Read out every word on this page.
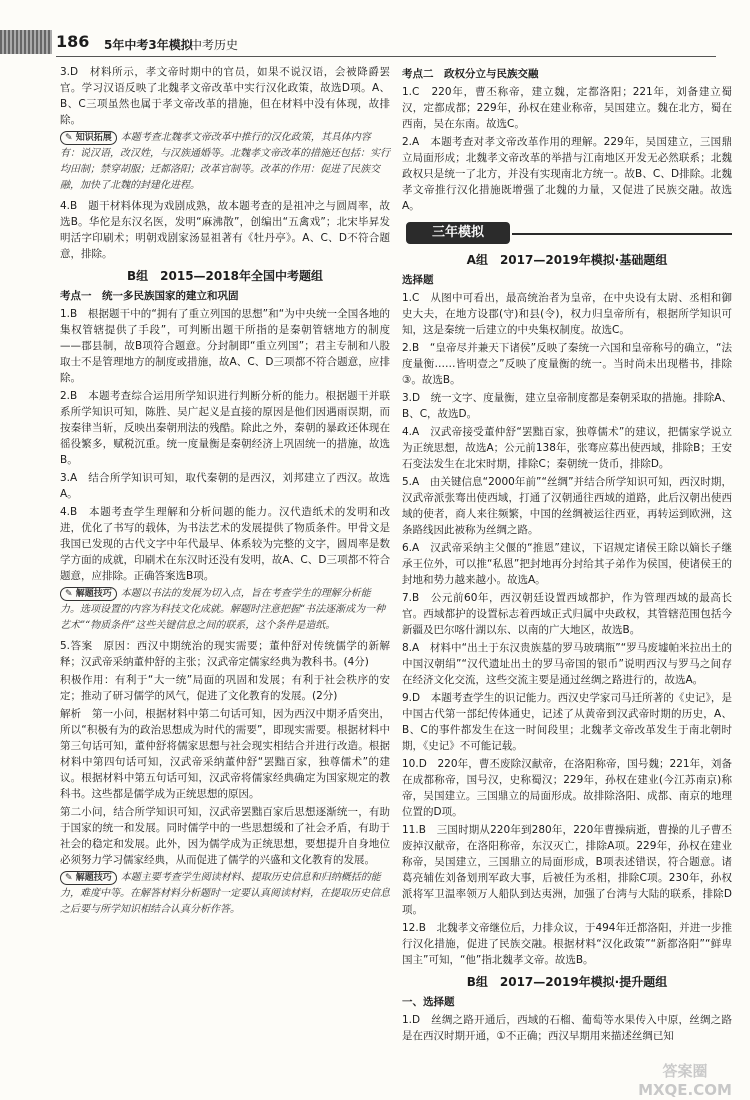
186 5年中考3年模拟
中考历史

3.D　材料所示，孝文帝时期中的官员，如果不说汉语，会被降爵罢官。学习汉语反映了北魏孝文帝改革中实行汉化政策，故选D项。A、B、C三项虽然也属于孝文帝改革的措施，但在材料中没有体现，故排除。

✎ 知识拓展 本题考查北魏孝文帝改革中推行的汉化政策，其具体内容有：说汉语，改汉姓，与汉族通婚等。北魏孝文帝改革的措施还包括：实行均田制；禁穿胡服；迁都洛阳；改革官制等。改革的作用：促进了民族交融，加快了北魏的封建化进程。

4.B　题干材料体现为戏剧成熟，故本题考查的是祖冲之与圆周率，故选B。华佗是东汉名医，发明“麻沸散”，创编出“五禽戏”；北宋毕昇发明活字印刷术；明朝戏剧家汤显祖著有《牡丹亭》。A、C、D不符合题意，排除。

B组　2015—2018年全国中考题组
考点一　统一多民族国家的建立和巩固

1.B　根据题干中的“拥有了重立列国的思想”和“为中央统一全国各地的集权管辖提供了手段”，可判断出题干所指的是秦朝管辖地方的制度——郡县制，故B项符合题意。分封制即“重立列国”；君主专制和八股取士不是管理地方的制度或措施，故A、C、D三项都不符合题意，应排除。

2.B　本题考查综合运用所学知识进行判断分析的能力。根据题干并联系所学知识可知，陈胜、吴广起义是直接的原因是他们因遇雨误期，而按秦律当斩，反映出秦朝刑法的残酷。除此之外，秦朝的暴政还体现在徭役繁多，赋税沉重。统一度量衡是秦朝经济上巩固统一的措施，故选B。

3.A　结合所学知识可知，取代秦朝的是西汉，刘邦建立了西汉。故选A。

4.B　本题考查学生理解和分析问题的能力。汉代造纸术的发明和改进，优化了书写的载体，为书法艺术的发展提供了物质条件。甲骨文是我国已发现的古代文字中年代最早、体系较为完整的文字，圆周率是数学方面的成就，印刷术在东汉时还没有发明，故A、C、D三项都不符合题意，应排除。正确答案选B项。

✎ 解题技巧 本题以书法的发展为切入点，旨在考查学生的理解分析能力。选项设置的内容为科技文化成就。解题时注意把握“书法逐渐成为一种艺术”“物质条件”这些关键信息之间的联系，这个条件是造纸。

5.答案　原因：西汉中期统治的现实需要；董仲舒对传统儒学的新解释；汉武帝采纳董仲舒的主张；汉武帝定儒家经典为教科书。(4分)

积极作用：有利于“大一统”局面的巩固和发展；有利于社会秩序的安定；推动了研习儒学的风气，促进了文化教育的发展。(2分)

解析　第一小问，根据材料中第二句话可知，因为西汉中期矛盾突出，所以“积极有为的政治思想成为时代的需要”，即现实需要。根据材料中第三句话可知，董仲舒将儒家思想与社会现实相结合并进行改造。根据材料中第四句话可知，汉武帝采纳董仲舒“罢黜百家，独尊儒术”的建议。根据材料中第五句话可知，汉武帝将儒家经典确定为国家规定的教科书。这些都是儒学成为正统思想的原因。

第二小问，结合所学知识可知，汉武帝罢黜百家后思想逐渐统一，有助于国家的统一和发展。同时儒学中的一些思想缓和了社会矛盾，有助于社会的稳定和发展。此外，因为儒学成为正统思想，要想提升自身地位必须努力学习儒家经典，从而促进了儒学的兴盛和文化教育的发展。

✎ 解题技巧 本题主要考查学生阅读材料、提取历史信息和归纳概括的能力，难度中等。在解答材料分析题时一定要认真阅读材料，在提取历史信息之后要与所学知识相结合认真分析作答。
考点二　政权分立与民族交融

1.C　220年，曹丕称帝，建立魏，定都洛阳；221年，刘备建立蜀汉，定都成都；229年，孙权在建业称帝，吴国建立。魏在北方，蜀在西南，吴在东南。故选C。

2.A　本题考查对孝文帝改革作用的理解。229年，吴国建立，三国鼎立局面形成；北魏孝文帝改革的举措与江南地区开发无必然联系；北魏政权只是统一了北方，并没有实现南北方统一。故B、C、D排除。北魏孝文帝推行汉化措施既增强了北魏的力量，又促进了民族交融。故选A。

三年模拟
A组　2017—2019年模拟·基础题组
选择题

1.C　从图中可看出，最高统治者为皇帝，在中央设有太尉、丞相和御史大夫，在地方设郡(守)和县(令)，权力归皇帝所有，根据所学知识可知，这是秦统一后建立的中央集权制度。故选C。

2.B　“皇帝尽并兼天下诸侯”反映了秦统一六国和皇帝称号的确立，“法度量衡……皆明壹之”反映了度量衡的统一。当时尚未出现楷书，排除③。故选B。

3.D　统一文字、度量衡，建立皇帝制度都是秦朝采取的措施。排除A、B、C，故选D。

4.A　汉武帝接受董仲舒“罢黜百家，独尊儒术”的建议，把儒家学说立为正统思想，故选A；公元前138年，张骞应募出使西域，排除B；王安石变法发生在北宋时期，排除C；秦朝统一货币，排除D。

5.A　由关键信息“2000年前”“丝绸”并结合所学知识可知，西汉时期，汉武帝派张骞出使西域，打通了汉朝通往西域的道路，此后汉朝出使西域的使者，商人来往频繁，中国的丝绸被运往西亚，再转运到欧洲，这条路线因此被称为丝绸之路。

6.A　汉武帝采纳主父偃的“推恩”建议，下诏规定诸侯王除以嫡长子继承王位外，可以推“私恩”把封地再分封给其子弟作为侯国，使诸侯王的封地和势力越来越小。故选A。

7.B　公元前60年，西汉朝廷设置西域都护，作为管理西域的最高长官。西域都护的设置标志着西域正式归属中央政权，其管辖范围包括今新疆及巴尔喀什湖以东、以南的广大地区，故选B。

8.A　材料中“出土于东汉贵族墓的罗马玻璃瓶”“罗马废墟帕米拉出土的中国汉朝绢”“汉代遗址出土的罗马帝国的银币”说明西汉与罗马之间存在经济文化交流，这些交流主要是通过丝绸之路进行的，故选A。

9.D　本题考查学生的识记能力。西汉史学家司马迁所著的《史记》，是中国古代第一部纪传体通史，记述了从黄帝到汉武帝时期的历史，A、B、C的事件都发生在这一时间段里；北魏孝文帝改革发生于南北朝时期，《史记》不可能记载。

10.D　220年，曹丕废除汉献帝，在洛阳称帝，国号魏；221年，刘备在成都称帝，国号汉，史称蜀汉；229年，孙权在建业(今江苏南京)称帝，吴国建立。三国鼎立的局面形成。故排除洛阳、成都、南京的地理位置的D项。

11.B　三国时期从220年到280年，220年曹操病逝，曹操的儿子曹丕废掉汉献帝，在洛阳称帝，东汉灭亡，排除A项。229年，孙权在建业称帝，吴国建立，三国鼎立的局面形成，B项表述错误，符合题意。诸葛亮辅佐刘备划刑军政大事，后被任为丞相，排除C项。230年，孙权派将军卫温率领万人船队到达夷洲，加强了台湾与大陆的联系，排除D项。

12.B　北魏孝文帝继位后，力排众议，于494年迁都洛阳，并进一步推行汉化措施，促进了民族交融。根据材料“汉化政策”“新都洛阳”“鲜卑国主”可知，“他”指北魏孝文帝。故选B。

B组　2017—2019年模拟·提升题组
一、选择题

1.D　丝绸之路开通后，西域的石榴、葡萄等水果传入中原，丝绸之路是在西汉时期开通，①不正确；西汉早期用来描述丝绸已知

答案圈
MXQE.COM
